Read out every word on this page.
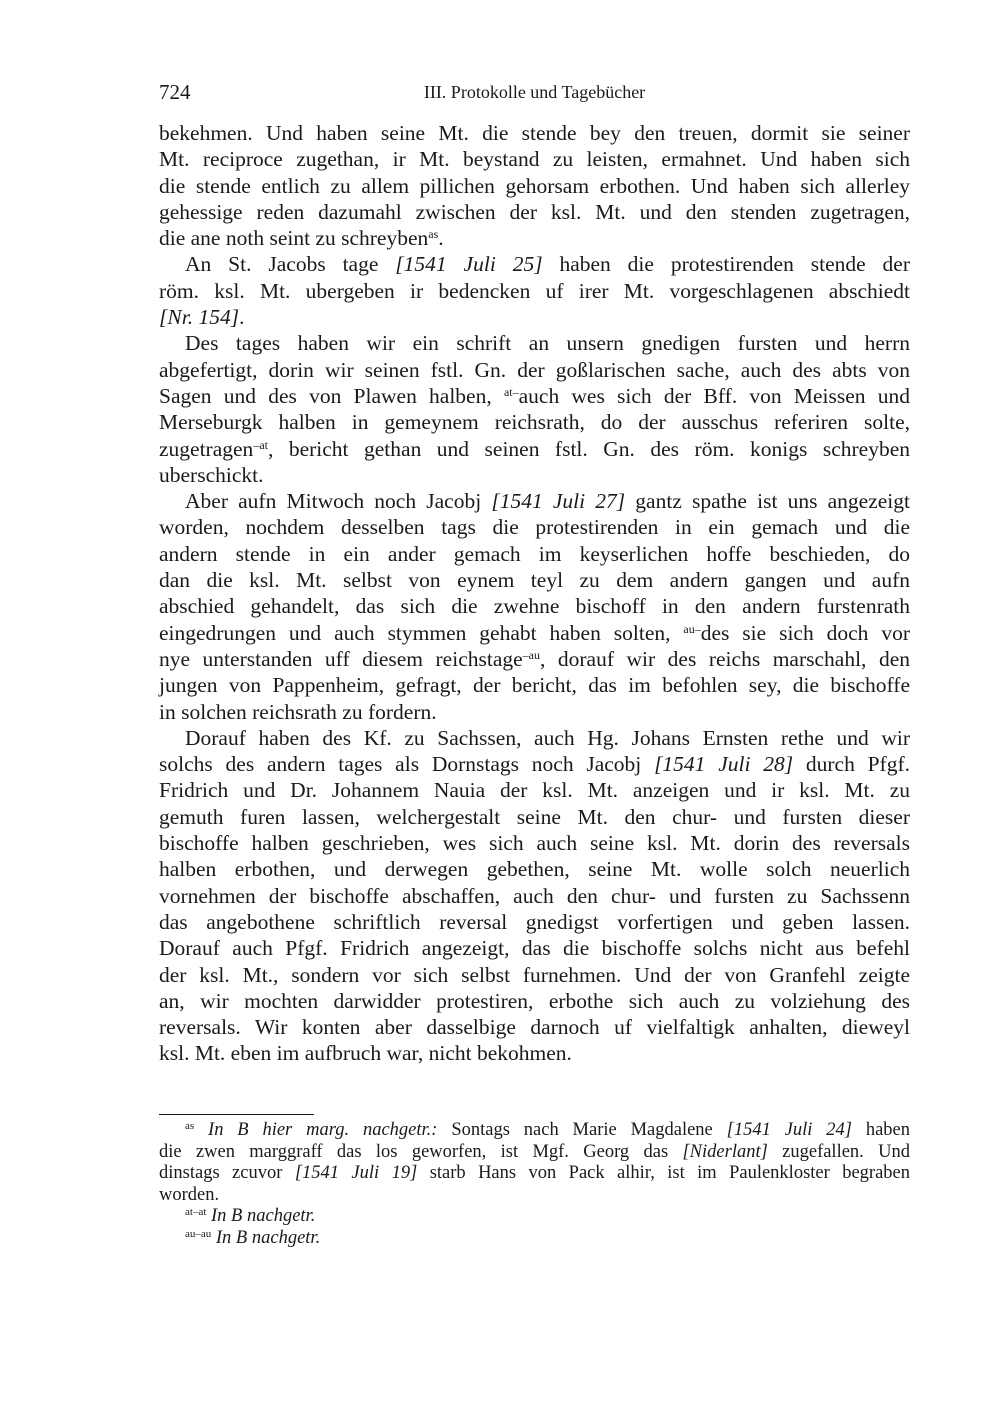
724	III. Protokolle und Tagebücher
bekehmen. Und haben seine Mt. die stende bey den treuen, dormit sie seiner
Mt. reciproce zugethan, ir Mt. beystand zu leisten, ermahnet. Und haben sich
die stende entlich zu allem pillichen gehorsam erbothen. Und haben sich allerley
gehessige reden dazumahl zwischen der ksl. Mt. und den stenden zugetragen,
die ane noth seint zu schreyben$^{as}$.
An St. Jacobs tage [1541 Juli 25] haben die protestirenden stende der
röm. ksl. Mt. ubergeben ir bedencken uf irer Mt. vorgeschlagenen abschiedt
[Nr. 154].
Des tages haben wir ein schrift an unsern gnedigen fursten und herrn
abgefertigt, dorin wir seinen fstl. Gn. der goßlarischen sache, auch des abts von
Sagen und des von Plawen halben, $^{at-}$auch wes sich der Bff. von Meissen und
Merseburgk halben in gemeynem reichsrath, do der ausschus referiren solte,
zugetragen$^{-at}$, bericht gethan und seinen fstl. Gn. des röm. konigs schreyben
uberschickt.
Aber aufn Mitwoch noch Jacobj [1541 Juli 27] gantz spathe ist uns angezeigt
worden, nochdem desselben tags die protestirenden in ein gemach und die
andern stende in ein ander gemach im keyserlichen hoffe beschieden, do
dan die ksl. Mt. selbst von eynem teyl zu dem andern gangen und aufn
abschied gehandelt, das sich die zwehne bischoff in den andern furstenrath
eingedrungen und auch stymmen gehabt haben solten, $^{au-}$des sie sich doch vor
nye unterstanden uff diesem reichstage$^{-au}$, dorauf wir des reichs marschahl, den
jungen von Pappenheim, gefragt, der bericht, das im befohlen sey, die bischoffe
in solchen reichsrath zu fordern.
Dorauf haben des Kf. zu Sachssen, auch Hg. Johans Ernsten rethe und wir
solchs des andern tages als Dornstags noch Jacobj [1541 Juli 28] durch Pfgf.
Fridrich und Dr. Johannem Nauia der ksl. Mt. anzeigen und ir ksl. Mt. zu
gemuth furen lassen, welchergestalt seine Mt. den chur- und fursten dieser
bischoffe halben geschrieben, wes sich auch seine ksl. Mt. dorin des reversals
halben erbothen, und derwegen gebethen, seine Mt. wolle solch neuerlich
vornehmen der bischoffe abschaffen, auch den chur- und fursten zu Sachssenn
das angebothene schriftlich reversal gnedigst vorfertigen und geben lassen.
Dorauf auch Pfgf. Fridrich angezeigt, das die bischoffe solchs nicht aus befehl
der ksl. Mt., sondern vor sich selbst furnehmen. Und der von Granfehl zeigte
an, wir mochten darwidder protestiren, erbothe sich auch zu volziehung des
reversals. Wir konten aber dasselbige darnoch uf vielfaltigk anhalten, dieweyl
ksl. Mt. eben im aufbruch war, nicht bekohmen.
$^{as}$ In B hier marg. nachgetr.: Sontags nach Marie Magdalene [1541 Juli 24] haben
die zwen marggraff das los geworfen, ist Mgf. Georg das [Niderlant] zugefallen. Und
dinstags zcuvor [1541 Juli 19] starb Hans von Pack alhir, ist im Paulenkloster begraben
worden.
$^{at-at}$ In B nachgetr.
$^{au-au}$ In B nachgetr.
